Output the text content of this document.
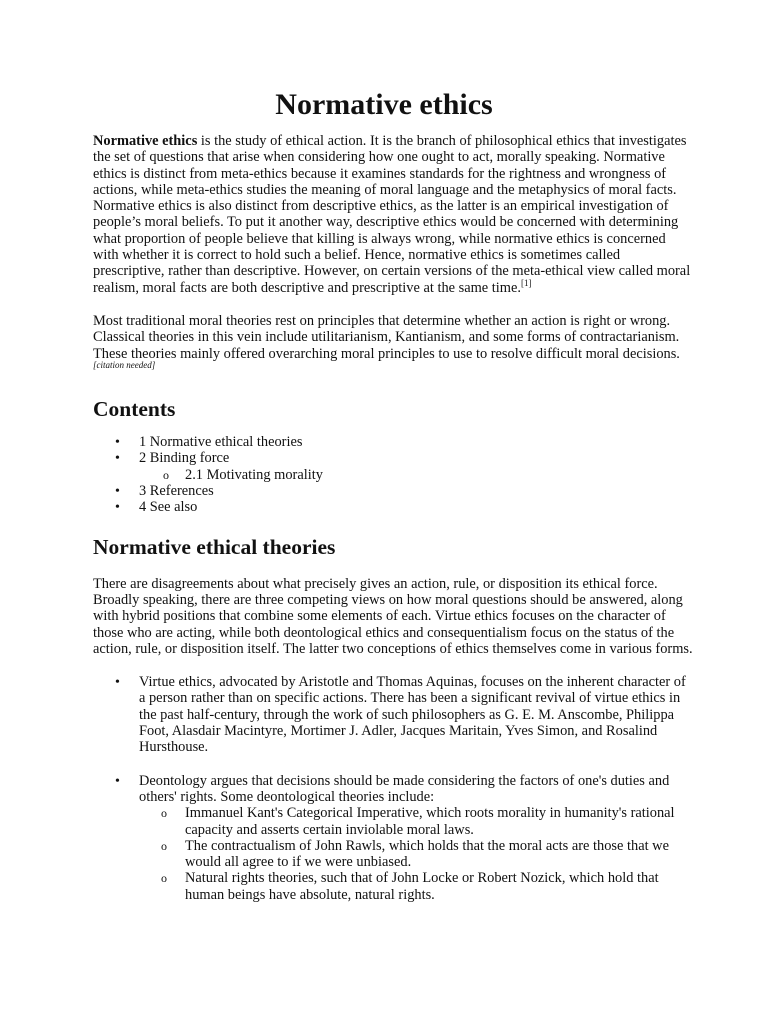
Normative ethics

Normative ethics is the study of ethical action. It is the branch of philosophical ethics that investigates the set of questions that arise when considering how one ought to act, morally speaking. Normative ethics is distinct from meta-ethics because it examines standards for the rightness and wrongness of actions, while meta-ethics studies the meaning of moral language and the metaphysics of moral facts. Normative ethics is also distinct from descriptive ethics, as the latter is an empirical investigation of people’s moral beliefs. To put it another way, descriptive ethics would be concerned with determining what proportion of people believe that killing is always wrong, while normative ethics is concerned with whether it is correct to hold such a belief. Hence, normative ethics is sometimes called prescriptive, rather than descriptive. However, on certain versions of the meta-ethical view called moral realism, moral facts are both descriptive and prescriptive at the same time.[1]

Most traditional moral theories rest on principles that determine whether an action is right or wrong. Classical theories in this vein include utilitarianism, Kantianism, and some forms of contractarianism. These theories mainly offered overarching moral principles to use to resolve difficult moral decisions.[citation needed]

Contents
•
1 Normative ethical theories
•
2 Binding force
o
2.1 Motivating morality
•
3 References
•
4 See also
Normative ethical theories

There are disagreements about what precisely gives an action, rule, or disposition its ethical force. Broadly speaking, there are three competing views on how moral questions should be answered, along with hybrid positions that combine some elements of each. Virtue ethics focuses on the character of those who are acting, while both deontological ethics and consequentialism focus on the status of the action, rule, or disposition itself. The latter two conceptions of ethics themselves come in various forms.

•
Virtue ethics, advocated by Aristotle and Thomas Aquinas, focuses on the inherent character of a person rather than on specific actions. There has been a significant revival of virtue ethics in the past half-century, through the work of such philosophers as G. E. M. Anscombe, Philippa Foot, Alasdair Macintyre, Mortimer J. Adler, Jacques Maritain, Yves Simon, and Rosalind Hursthouse.
•
Deontology argues that decisions should be made considering the factors of one's duties and others' rights. Some deontological theories include:
o
Immanuel Kant's Categorical Imperative, which roots morality in humanity's rational capacity and asserts certain inviolable moral laws.
o
The contractualism of John Rawls, which holds that the moral acts are those that we would all agree to if we were unbiased.
o
Natural rights theories, such that of John Locke or Robert Nozick, which hold that human beings have absolute, natural rights.
